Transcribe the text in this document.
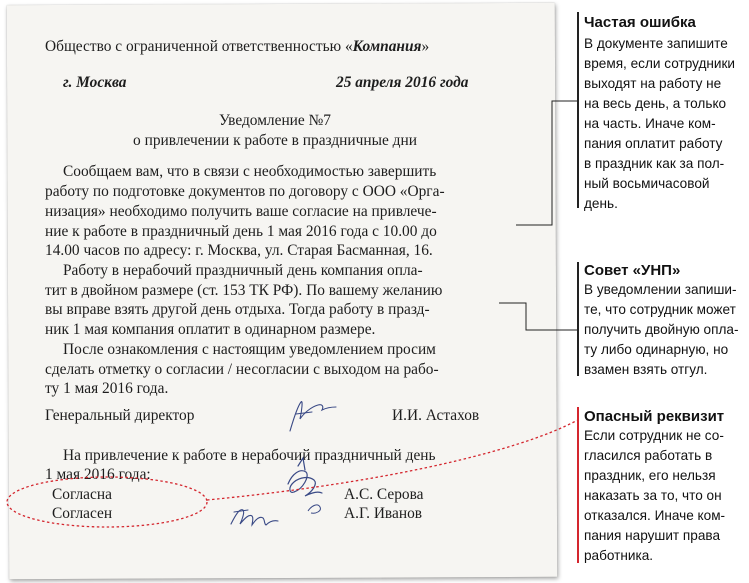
Общество с ограниченной ответственностью «Компания»
г. Москва	25 апреля 2016 года
Уведомление №7
о привлечении к работе в праздничные дни
Сообщаем вам, что в связи с необходимостью завершить
работу по подготовке документов по договору с ООО «Орга-
низация» необходимо получить ваше согласие на привлече-
ние к работе в праздничный день 1 мая 2016 года с 10.00 до
14.00 часов по адресу: г. Москва, ул. Старая Басманная, 16.
Работу в нерабочий праздничный день компания опла-
тит в двойном размере (ст. 153 ТК РФ). По вашему желанию
вы вправе взять другой день отдыха. Тогда работу в празд-
ник 1 мая компания оплатит в одинарном размере.
После ознакомления с настоящим уведомлением просим
сделать отметку о согласии / несогласии с выходом на рабо-
ту 1 мая 2016 года.
Генеральный директор	И.И. Астахов
На привлечение к работе в нерабочий праздничный день
1 мая 2016 года:
Согласна	А.С. Серова
Согласен	А.Г. Иванов
Частая ошибка
В документе запишите
время, если сотрудники
выходят на работу не
на весь день, а только
на часть. Иначе ком-
пания оплатит работу
в праздник как за пол-
ный восьмичасовой
день.
Совет «УНП»
В уведомлении запиши-
те, что сотрудник может
получить двойную опла-
ту либо одинарную, но
взамен взять отгул.
Опасный реквизит
Если сотрудник не со-
гласился работать в
праздник, его нельзя
наказать за то, что он
отказался. Иначе ком-
пания нарушит права
работника.
